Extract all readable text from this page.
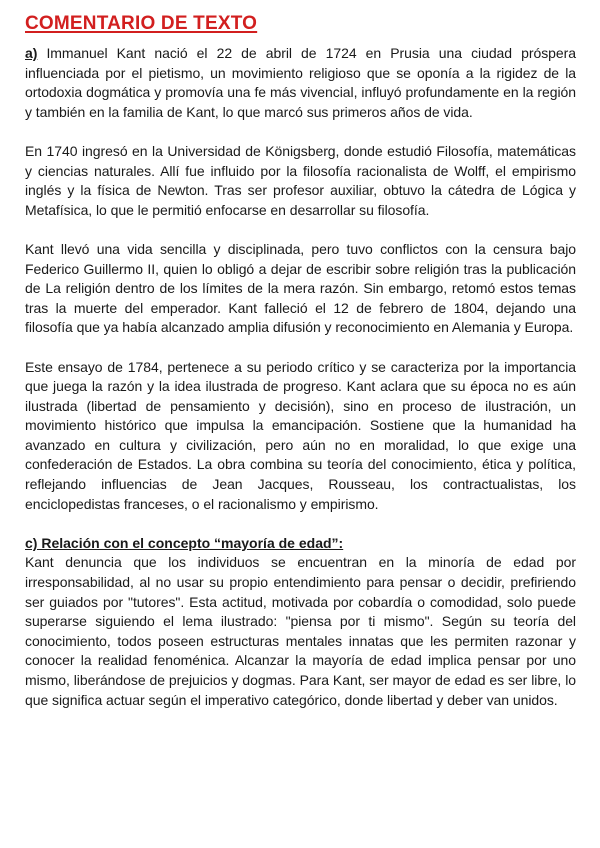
COMENTARIO DE TEXTO

a) Immanuel Kant nació el 22 de abril de 1724 en Prusia una ciudad próspera influenciada por el pietismo, un movimiento religioso que se oponía a la rigidez de la ortodoxia dogmática y promovía una fe más vivencial, influyó profundamente en la región y también en la familia de Kant, lo que marcó sus primeros años de vida.

En 1740 ingresó en la Universidad de Königsberg, donde estudió Filosofía, matemáticas y ciencias naturales. Allí fue influido por la filosofía racionalista de Wolff, el empirismo inglés y la física de Newton. Tras ser profesor auxiliar, obtuvo la cátedra de Lógica y Metafísica, lo que le permitió enfocarse en desarrollar su filosofía.

Kant llevó una vida sencilla y disciplinada, pero tuvo conflictos con la censura bajo Federico Guillermo II, quien lo obligó a dejar de escribir sobre religión tras la publicación de La religión dentro de los límites de la mera razón. Sin embargo, retomó estos temas tras la muerte del emperador. Kant falleció el 12 de febrero de 1804, dejando una filosofía que ya había alcanzado amplia difusión y reconocimiento en Alemania y Europa.

Este ensayo de 1784, pertenece a su periodo crítico y se caracteriza por la importancia que juega la razón y la idea ilustrada de progreso. Kant aclara que su época no es aún ilustrada (libertad de pensamiento y decisión), sino en proceso de ilustración, un movimiento histórico que impulsa la emancipación. Sostiene que la humanidad ha avanzado en cultura y civilización, pero aún no en moralidad, lo que exige una confederación de Estados. La obra combina su teoría del conocimiento, ética y política, reflejando influencias de Jean Jacques, Rousseau, los contractualistas, los enciclopedistas franceses, o el racionalismo y empirismo.

c) Relación con el concepto “mayoría de edad”:

Kant denuncia que los individuos se encuentran en la minoría de edad por irresponsabilidad, al no usar su propio entendimiento para pensar o decidir, prefiriendo ser guiados por "tutores". Esta actitud, motivada por cobardía o comodidad, solo puede superarse siguiendo el lema ilustrado: "piensa por ti mismo". Según su teoría del conocimiento, todos poseen estructuras mentales innatas que les permiten razonar y conocer la realidad fenoménica. Alcanzar la mayoría de edad implica pensar por uno mismo, liberándose de prejuicios y dogmas. Para Kant, ser mayor de edad es ser libre, lo que significa actuar según el imperativo categórico, donde libertad y deber van unidos.
